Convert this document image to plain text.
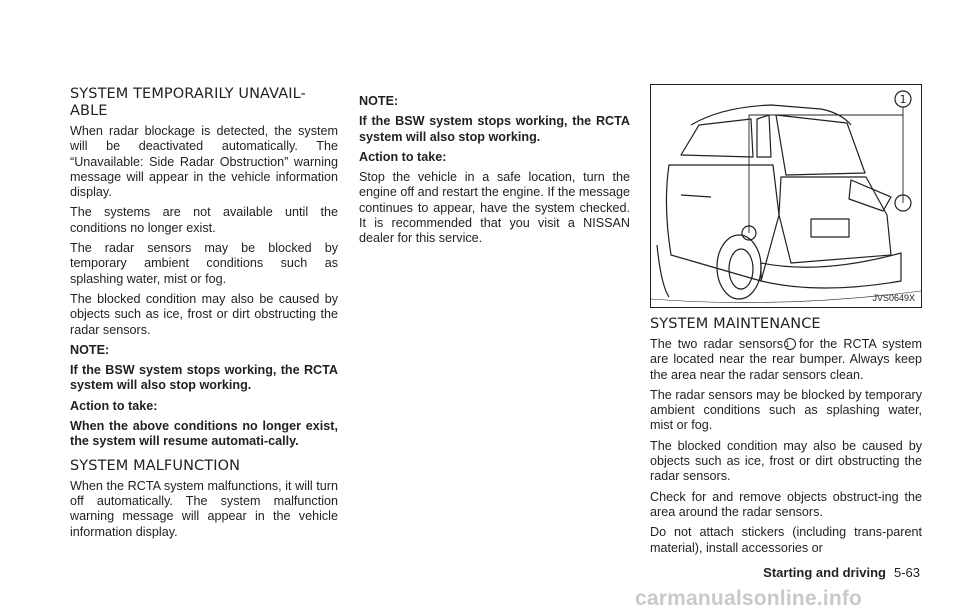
SYSTEM TEMPORARILY UNAVAIL-ABLE

When radar blockage is detected, the system will be deactivated automatically. The “Unavailable: Side Radar Obstruction” warning message will appear in the vehicle information display.

The systems are not available until the conditions no longer exist.

The radar sensors may be blocked by temporary ambient conditions such as splashing water, mist or fog.

The blocked condition may also be caused by objects such as ice, frost or dirt obstructing the radar sensors.

NOTE:

If the BSW system stops working, the RCTA system will also stop working.

Action to take:

When the above conditions no longer exist, the system will resume automati-cally.

SYSTEM MALFUNCTION

When the RCTA system malfunctions, it will turn off automatically. The system malfunction warning message will appear in the vehicle information display.

NOTE:

If the BSW system stops working, the RCTA system will also stop working.

Action to take:

Stop the vehicle in a safe location, turn the engine off and restart the engine. If the message continues to appear, have the system checked. It is recommended that you visit a NISSAN dealer for this service.

1
JVS0649X
SYSTEM MAINTENANCE

The two radar sensors 1 for the RCTA system are located near the rear bumper. Always keep the area near the radar sensors clean.

The radar sensors may be blocked by temporary ambient conditions such as splashing water, mist or fog.

The blocked condition may also be caused by objects such as ice, frost or dirt obstructing the radar sensors.

Check for and remove objects obstruct-ing the area around the radar sensors.

Do not attach stickers (including trans-parent material), install accessories or

Starting and driving 5-63
carmanualsonline.info
